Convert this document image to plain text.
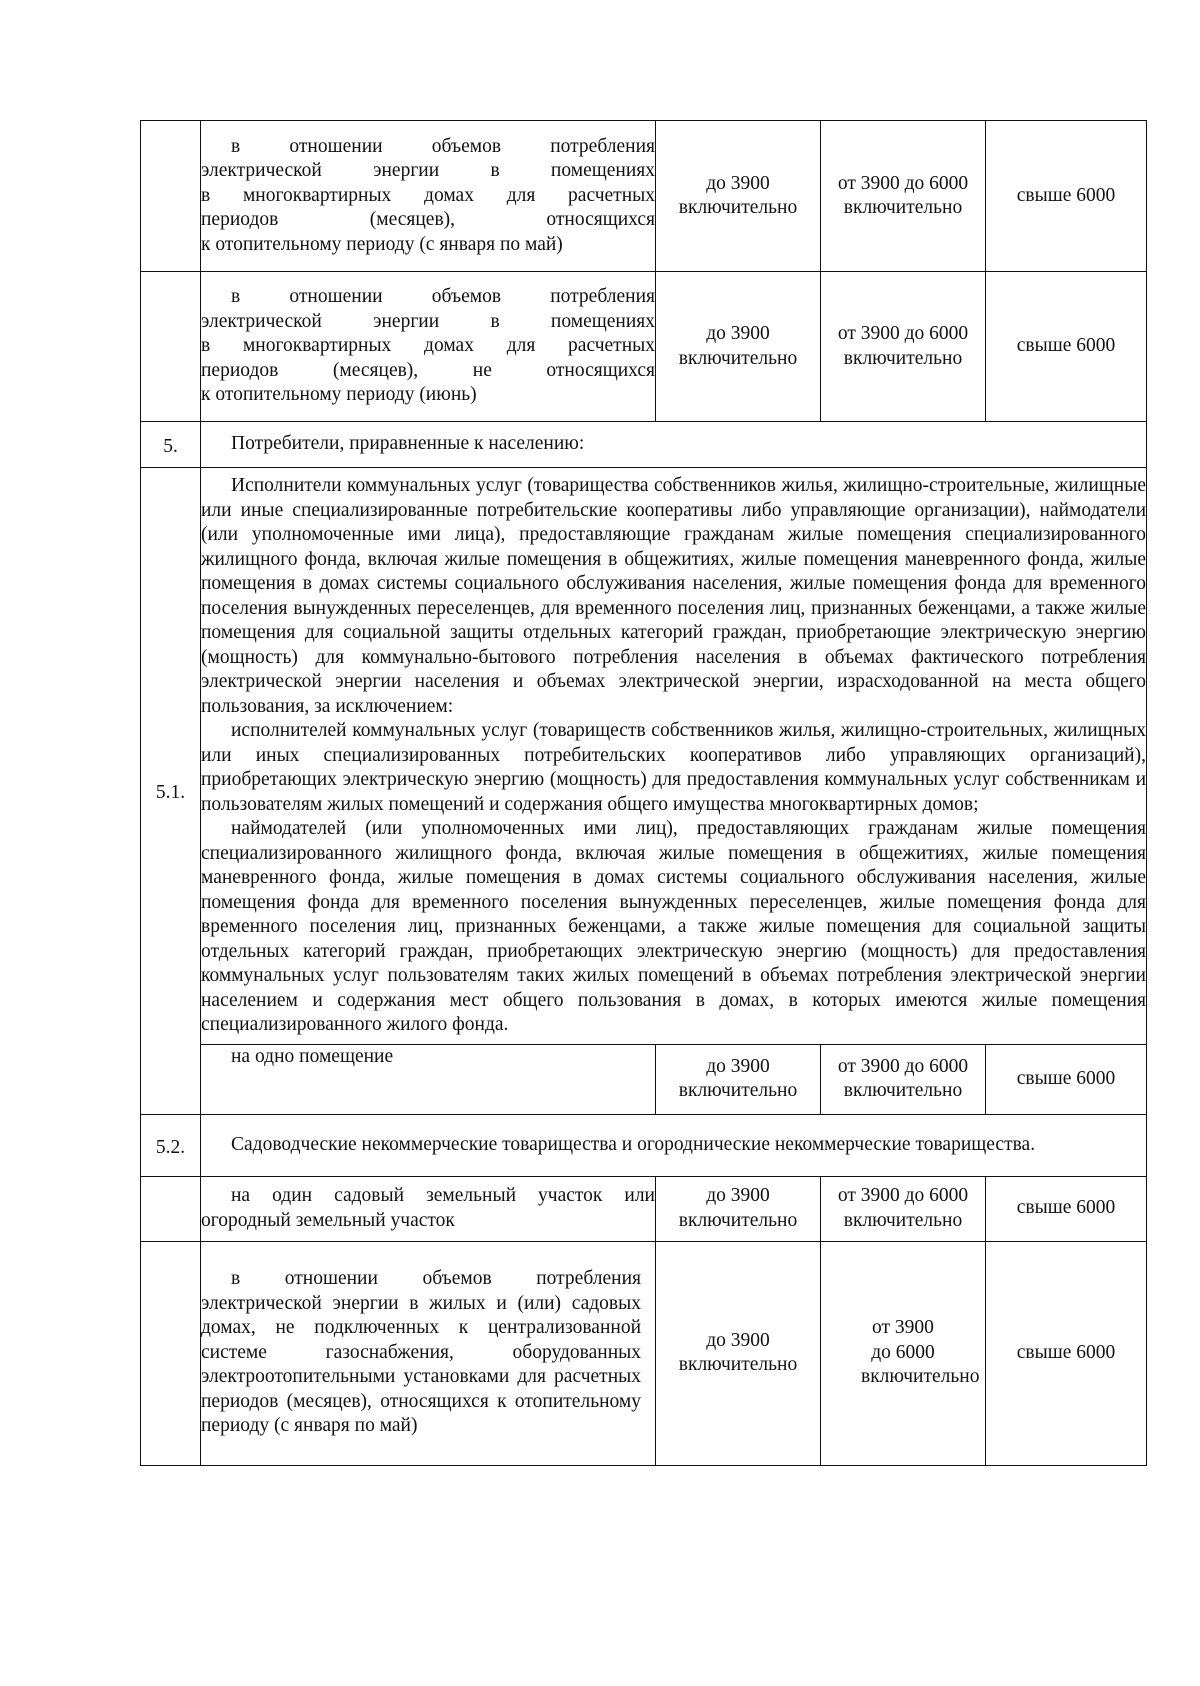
	в отношении объемов потребления

электрической энергии в помещениях

в многоквартирных домах для расчетных

периодов (месяцев), относящихся

к отопительному периоду (с января по май)	до 3900 включительно	от 3900 до 6000 включительно	свыше 6000

	в отношении объемов потребления

электрической энергии в помещениях

в многоквартирных домах для расчетных

периодов (месяцев), не относящихся

к отопительному периоду (июнь)	до 3900 включительно	от 3900 до 6000 включительно	свыше 6000
5.	Потребители, приравненные к населению:			
5.1.	Исполнители коммунальных услуг (товарищества собственников жилья, жилищно-строительные, жилищные или иные специализированные потребительские кооперативы либо управляющие организации), наймодатели (или уполномоченные ими лица), предоставляющие гражданам жилые помещения специализированного жилищного фонда, включая жилые помещения в общежитиях, жилые помещения маневренного фонда, жилые помещения в домах системы социального обслуживания населения, жилые помещения фонда для временного поселения вынужденных переселенцев, для временного поселения лиц, признанных беженцами, а также жилые помещения для социальной защиты отдельных категорий граждан, приобретающие электрическую энергию (мощность) для коммунально-бытового потребления населения в объемах фактического потребления электрической энергии населения и объемах электрической энергии, израсходованной на места общего пользования, за исключением:

исполнителей коммунальных услуг (товариществ собственников жилья, жилищно-строительных, жилищных или иных специализированных потребительских кооперативов либо управляющих организаций), приобретающих электрическую энергию (мощность) для предоставления коммунальных услуг собственникам и пользователям жилых помещений и содержания общего имущества многоквартирных домов;

наймодателей (или уполномоченных ими лиц), предоставляющих гражданам жилые помещения специализированного жилищного фонда, включая жилые помещения в общежитиях, жилые помещения маневренного фонда, жилые помещения в домах системы социального обслуживания населения, жилые помещения фонда для временного поселения вынужденных переселенцев, жилые помещения фонда для временного поселения лиц, признанных беженцами, а также жилые помещения для социальной защиты отдельных категорий граждан, приобретающих электрическую энергию (мощность) для предоставления коммунальных услуг пользователям таких жилых помещений в объемах потребления электрической энергии населением и содержания мест общего пользования в домах, в которых имеются жилые помещения специализированного жилого фонда.			

	на одно помещение	до 3900 включительно	от 3900 до 6000 включительно	свыше 6000
5.2.	Садоводческие некоммерческие товарищества и огороднические некоммерческие товарищества.			
	на один садовый земельный участок или огородный земельный участок	до 3900 включительно	от 3900 до 6000 включительно	свыше 6000
	в отношении объемов потребления электрической энергии в жилых и (или) садовых домах, не подключенных к централизованной системе газоснабжения, оборудованных электроотопительными установками для расчетных периодов (месяцев), относящихся к отопительному периоду (с января по май)	до 3900 включительно	от 3900 до 6000 включительно	свыше 6000
